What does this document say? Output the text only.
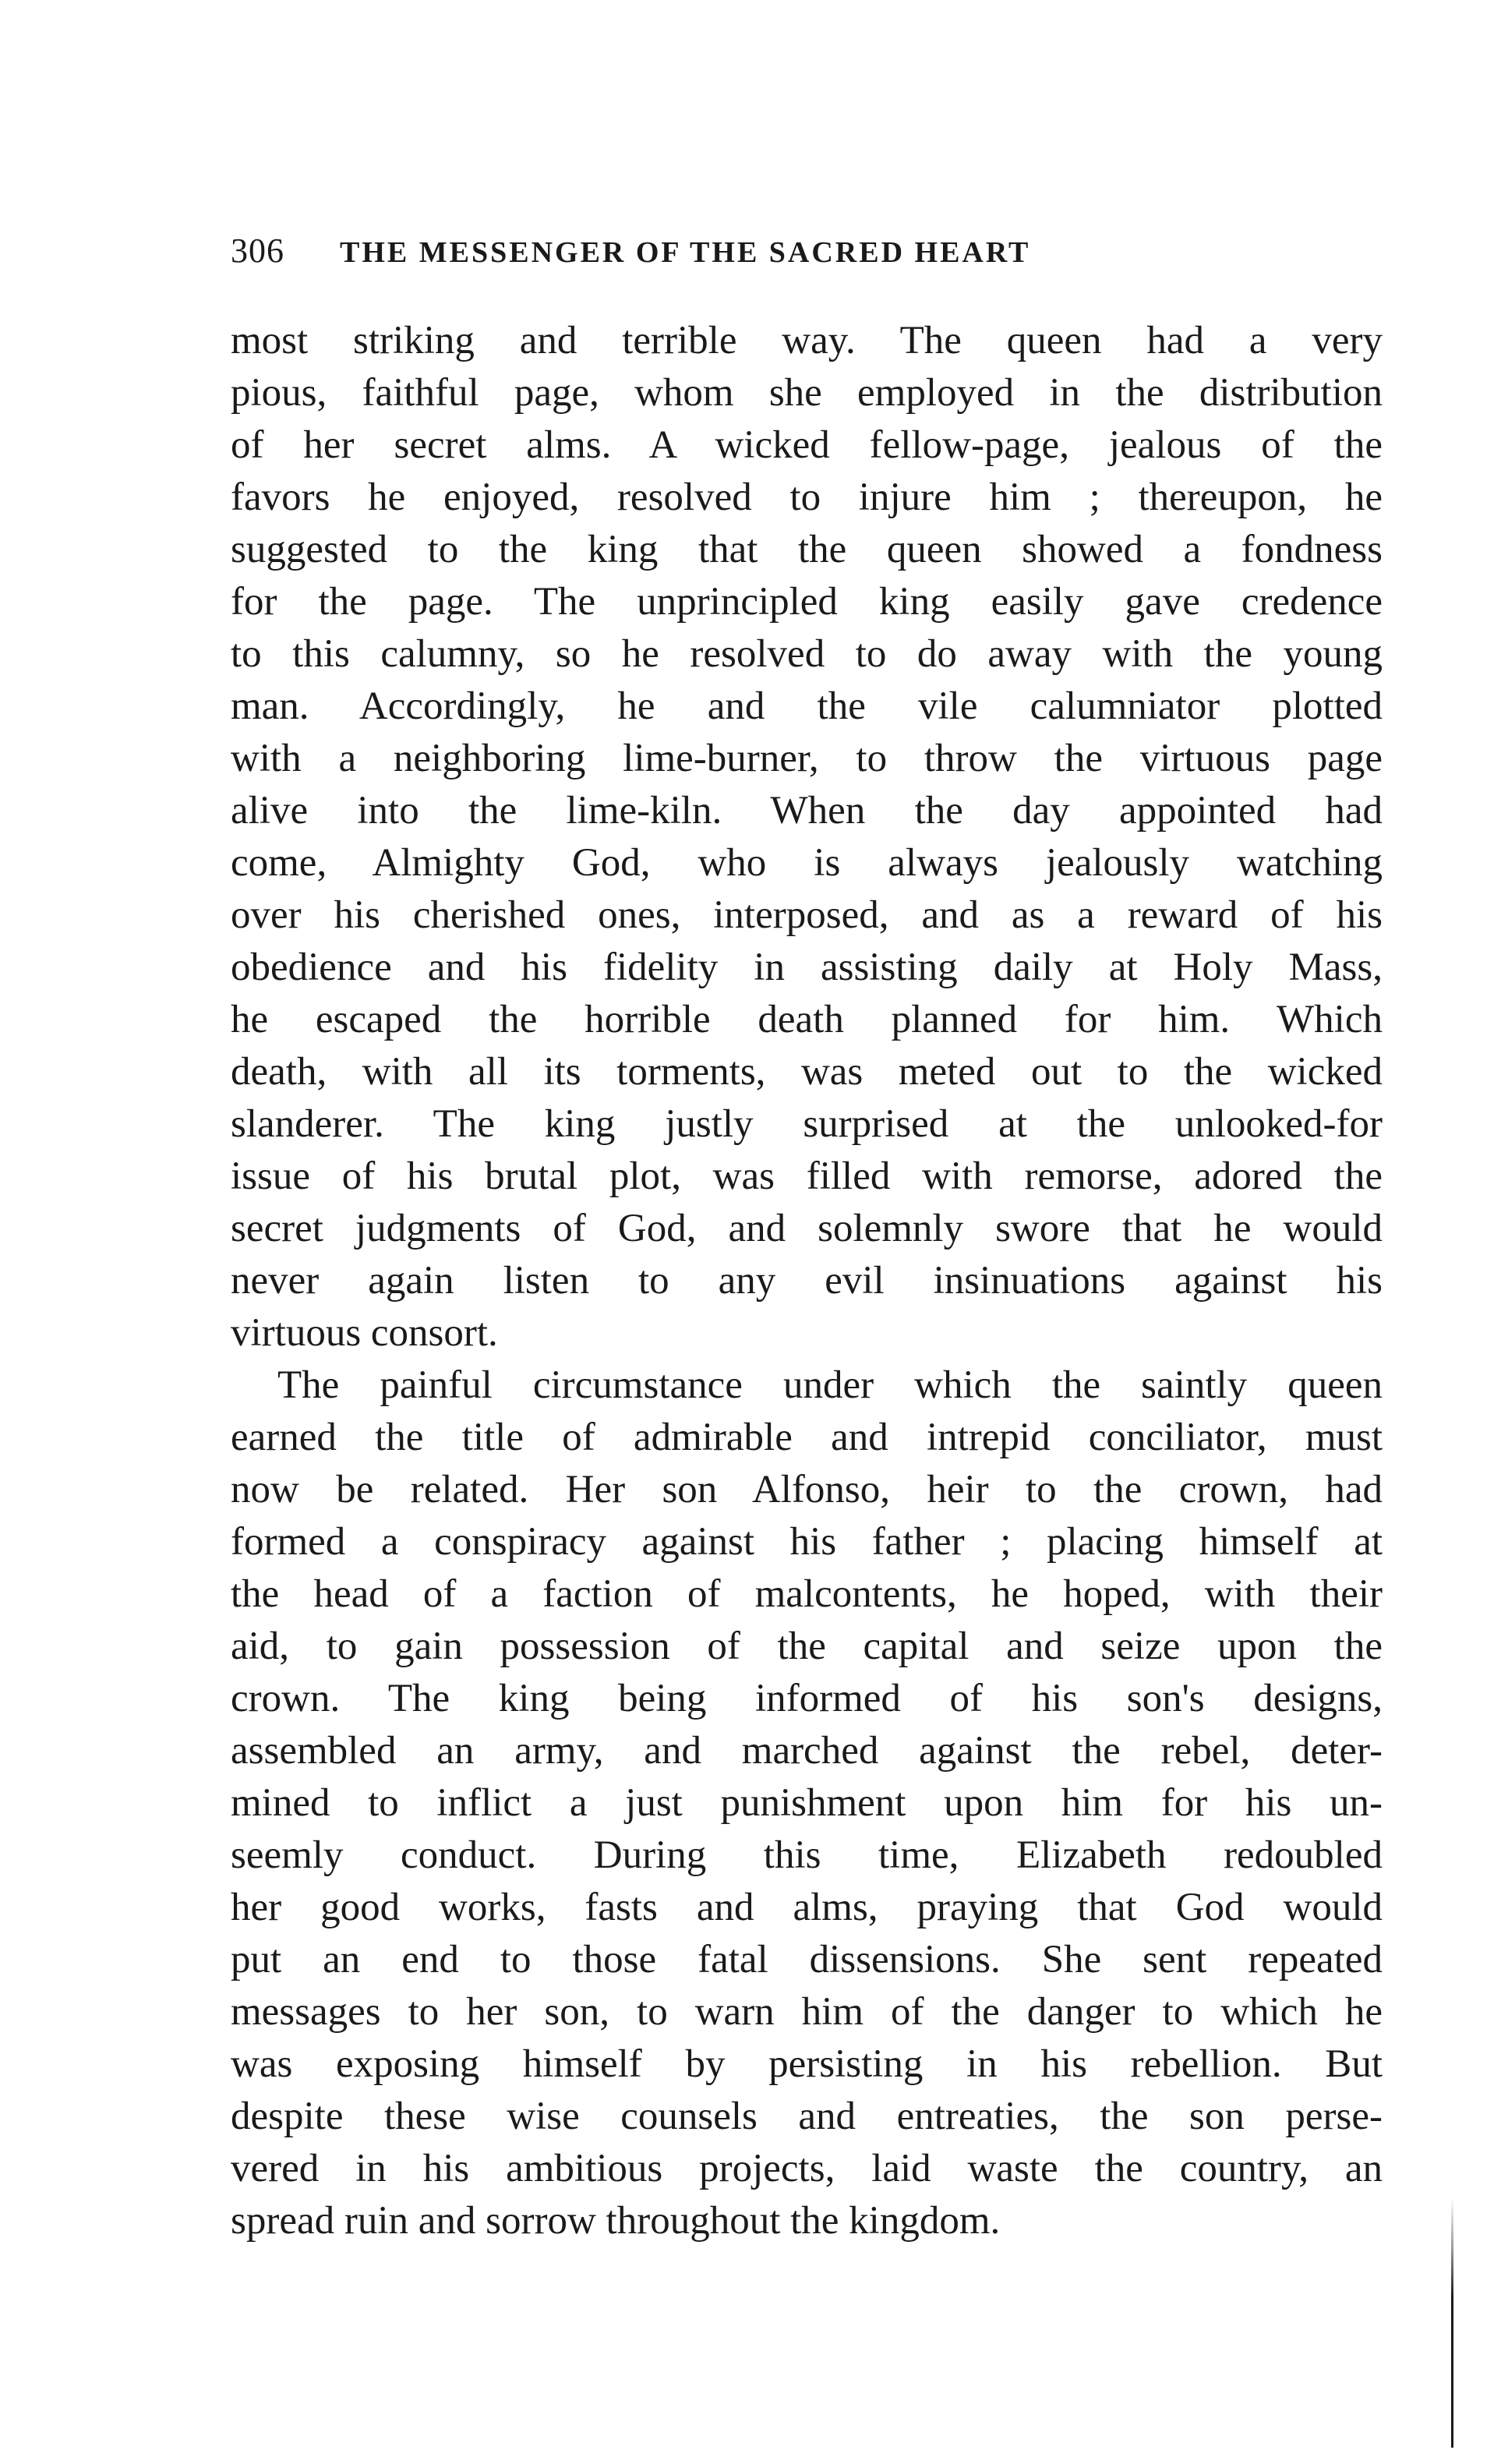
306 THE MESSENGER OF THE SACRED HEART
most striking and terrible way. The queen had a very
pious, faithful page, whom she employed in the distribution
of her secret alms. A wicked fellow-page, jealous of the
favors he enjoyed, resolved to injure him ; thereupon, he
suggested to the king that the queen showed a fondness
for the page. The unprincipled king easily gave credence
to this calumny, so he resolved to do away with the young
man. Accordingly, he and the vile calumniator plotted
with a neighboring lime-burner, to throw the virtuous page
alive into the lime-kiln. When the day appointed had
come, Almighty God, who is always jealously watching
over his cherished ones, interposed, and as a reward of his
obedience and his fidelity in assisting daily at Holy Mass,
he escaped the horrible death planned for him. Which
death, with all its torments, was meted out to the wicked
slanderer. The king justly surprised at the unlooked-for
issue of his brutal plot, was filled with remorse, adored the
secret judgments of God, and solemnly swore that he would
never again listen to any evil insinuations against his
virtuous consort.
The painful circumstance under which the saintly queen
earned the title of admirable and intrepid conciliator, must
now be related. Her son Alfonso, heir to the crown, had
formed a conspiracy against his father ; placing himself at
the head of a faction of malcontents, he hoped, with their
aid, to gain possession of the capital and seize upon the
crown. The king being informed of his son's designs,
assembled an army, and marched against the rebel, deter-
mined to inflict a just punishment upon him for his un-
seemly conduct. During this time, Elizabeth redoubled
her good works, fasts and alms, praying that God would
put an end to those fatal dissensions. She sent repeated
messages to her son, to warn him of the danger to which he
was exposing himself by persisting in his rebellion. But
despite these wise counsels and entreaties, the son perse-
vered in his ambitious projects, laid waste the country, an
spread ruin and sorrow throughout the kingdom.
